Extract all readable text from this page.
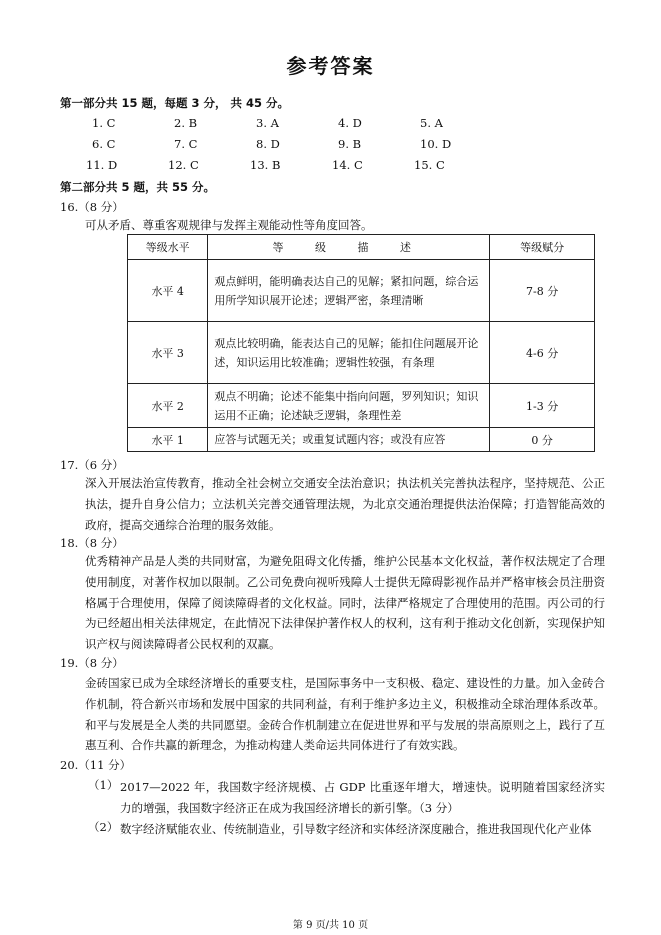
参考答案
第一部分共 15 题，每题 3 分， 共 45 分。
1. C	2. B	3. A	4. D	5. A
6. C	7. C	8. D	9. B	10. D
11. D	12. C	13. B	14. C	15. C
第二部分共 5 题，共 55 分。
16.（8 分）
可从矛盾、尊重客观规律与发挥主观能动性等角度回答。
等级水平	等 级 描 述	等级赋分
水平 4	观点鲜明，能明确表达自己的见解；紧扣问题，综合运用所学知识展开论述；逻辑严密，条理清晰	7-8 分
水平 3	观点比较明确，能表达自己的见解；能扣住问题展开论述，知识运用比较准确；逻辑性较强，有条理	4-6 分
水平 2	观点不明确；论述不能集中指向问题，罗列知识；知识运用不正确；论述缺乏逻辑，条理性差	1-3 分
水平 1	应答与试题无关；或重复试题内容；或没有应答	0 分
17.（6 分）
深入开展法治宣传教育，推动全社会树立交通安全法治意识；执法机关完善执法程序，坚持规范、公正执法，提升自身公信力；立法机关完善交通管理法规，为北京交通治理提供法治保障；打造智能高效的政府，提高交通综合治理的服务效能。
18.（8 分）
优秀精神产品是人类的共同财富，为避免阻碍文化传播，维护公民基本文化权益，著作权法规定了合理使用制度，对著作权加以限制。乙公司免费向视听残障人士提供无障碍影视作品并严格审核会员注册资格属于合理使用，保障了阅读障碍者的文化权益。同时，法律严格规定了合理使用的范围。丙公司的行为已经超出相关法律规定，在此情况下法律保护著作权人的权利，这有利于推动文化创新，实现保护知识产权与阅读障碍者公民权利的双赢。
19.（8 分）
金砖国家已成为全球经济增长的重要支柱，是国际事务中一支积极、稳定、建设性的力量。加入金砖合作机制，符合新兴市场和发展中国家的共同利益，有利于维护多边主义，积极推动全球治理体系改革。和平与发展是全人类的共同愿望。金砖合作机制建立在促进世界和平与发展的崇高原则之上，践行了互惠互利、合作共赢的新理念，为推动构建人类命运共同体进行了有效实践。
20.（11 分）
（1） 2017—2022 年，我国数字经济规模、占 GDP 比重逐年增大，增速快。说明随着国家经济实力的增强，我国数字经济正在成为我国经济增长的新引擎。（3 分）
（2） 数字经济赋能农业、传统制造业，引导数字经济和实体经济深度融合，推进我国现代化产业体
第 9 页/共 10 页
